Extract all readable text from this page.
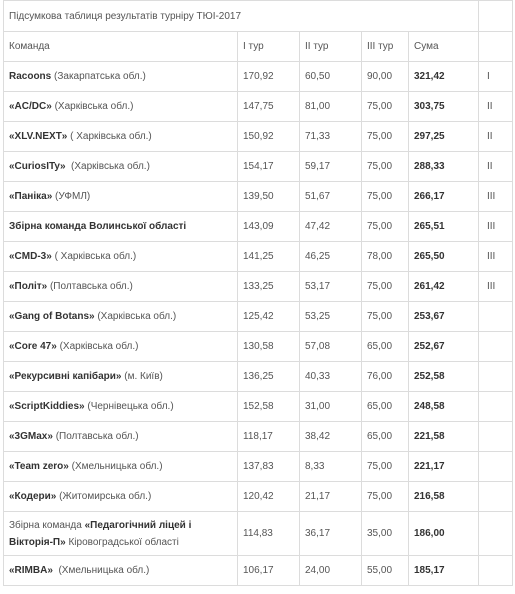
Підсумкова таблиця результатів турніру ТЮІ-2017					
Команда	I тур	II тур	III тур	Сума	
Racoons (Закарпатська обл.)	170,92	60,50	90,00	321,42	I
«AC/DC» (Харківська обл.)	147,75	81,00	75,00	303,75	II
«XLV.NEXT» ( Харківська обл.)	150,92	71,33	75,00	297,25	II
«CuriosITy»  (Харківська обл.)	154,17	59,17	75,00	288,33	II
«Паніка» (УФМЛ)	139,50	51,67	75,00	266,17	III
Збірна команда Волинської області	143,09	47,42	75,00	265,51	III
«CMD-3» ( Харківська обл.)	141,25	46,25	78,00	265,50	III
«Політ» (Полтавська обл.)	133,25	53,17	75,00	261,42	III
«Gang of Botans» (Харківська обл.)	125,42	53,25	75,00	253,67	
«Core 47» (Харківська обл.)	130,58	57,08	65,00	252,67	
«Рекурсивні капібари» (м. Київ)	136,25	40,33	76,00	252,58	
«ScriptKiddies» (Чернівецька обл.)	152,58	31,00	65,00	248,58	
«3GMax» (Полтавська обл.)	118,17	38,42	65,00	221,58	
«Team zero» (Хмельницька обл.)	137,83	8,33	75,00	221,17	
«Кодери» (Житомирська обл.)	120,42	21,17	75,00	216,58	
Збірна команда «Педагогічний ліцей і Вікторія-П» Кіровоградської області	114,83	36,17	35,00	186,00	
«RIMBA»  (Хмельницька обл.)	106,17	24,00	55,00	185,17	
